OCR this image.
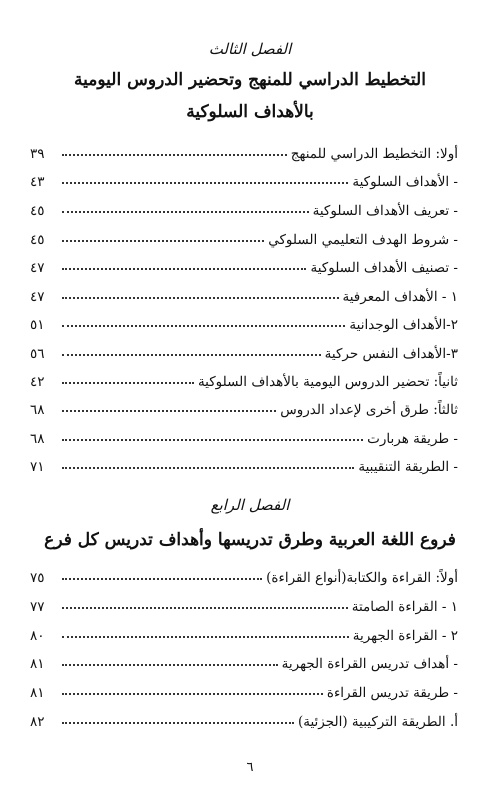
الفصل الثالث
التخطيط الدراسي للمنهج وتحضير الدروس اليومية
بالأهداف السلوكية
أولا: التخطيط الدراسي للمنهج
٣٩
- الأهداف السلوكية
٤٣
- تعريف الأهداف السلوكية
٤٥
- شروط الهدف التعليمي السلوكي
٤٥
- تصنيف الأهداف السلوكية
٤٧
١ - الأهداف المعرفية
٤٧
٢-الأهداف الوجدانية
٥١
٣-الأهداف النفس حركية
٥٦
ثانياً: تحضير الدروس اليومية بالأهداف السلوكية
٤٢
ثالثاً: طرق أخرى لإعداد الدروس
٦٨
- طريقة هربارت
٦٨
- الطريقة التنقيبية
٧١
الفصل الرابع
فروع اللغة العربية وطرق تدريسها وأهداف تدريس كل فرع
أولاً: القراءة والكتابة(أنواع القراءة)
٧٥
١ - القراءة الصامتة
٧٧
٢ - القراءة الجهرية
٨٠
- أهداف تدريس القراءة الجهرية
٨١
- طريقة تدريس القراءة
٨١
أ. الطريقة التركيبية (الجزئية)
٨٢
٦
